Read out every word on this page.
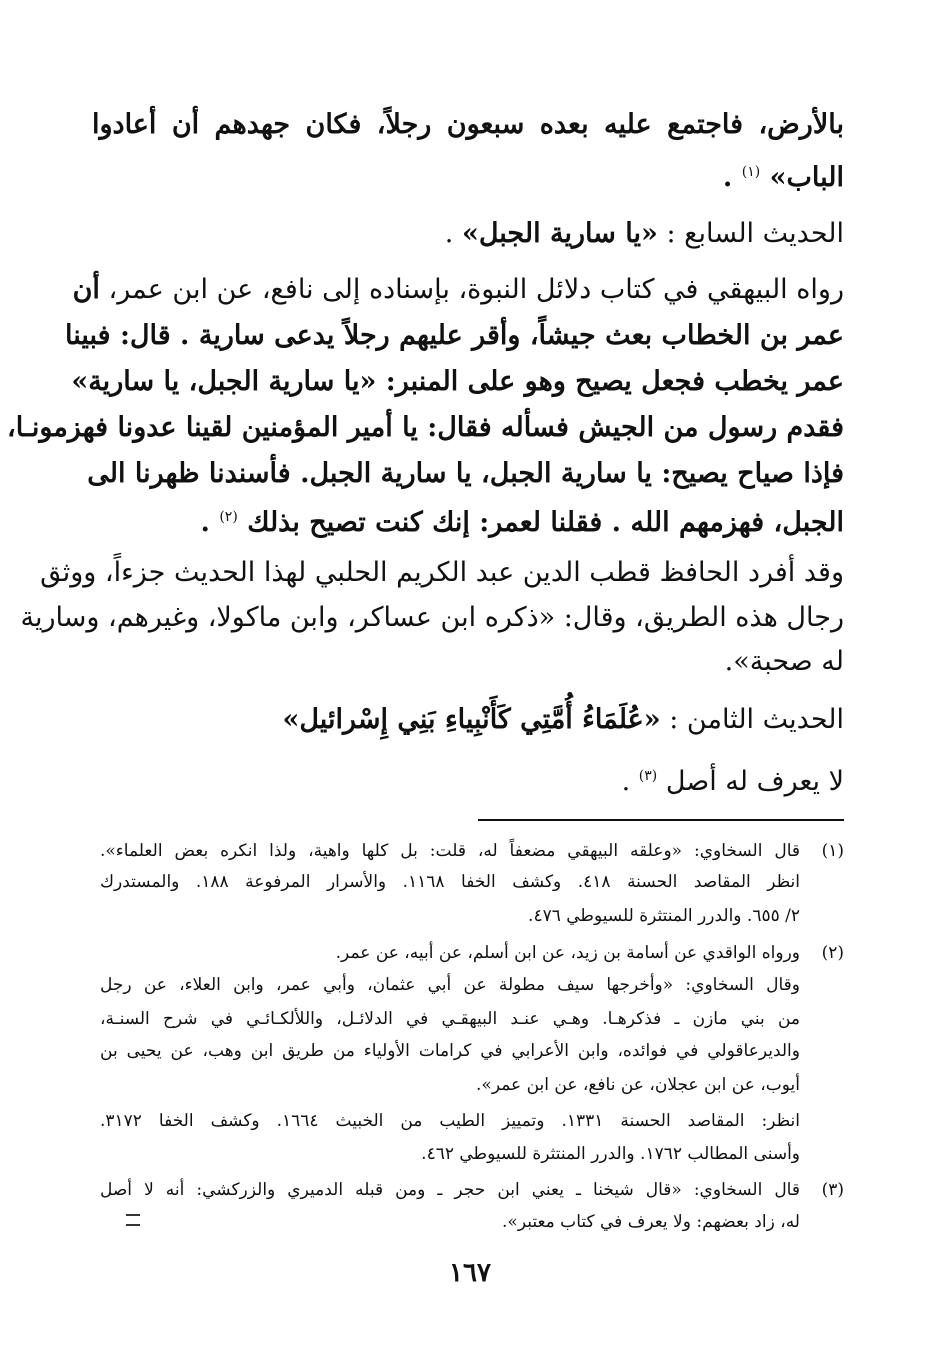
بالأرض، فاجتمع عليه بعده سبعون رجلاً، فكان جهدهم أن أعادوا
الباب» $^{(١)}$ .
الحديث السابع : «يا سارية الجبل» .
رواه البيهقي في كتاب دلائل النبوة، بإسناده إلى نافع، عن ابن عمر، أن
عمر بن الخطاب بعث جيشاً، وأقر عليهم رجلاً يدعى سارية . قال: فبينا
عمر يخطب فجعل يصيح وهو على المنبر: «يا سارية الجبل، يا سارية»
فقدم رسول من الجيش فسأله فقال: يا أمير المؤمنين لقينا عدونا فهزمونـا،
فإذا صياح يصيح: يا سارية الجبل، يا سارية الجبل. فأسندنا ظهرنا الى
الجبل، فهزمهم الله . فقلنا لعمر: إنك كنت تصيح بذلك $^{(٢)}$ .
وقد أفرد الحافظ قطب الدين عبد الكريم الحلبي لهذا الحديث جزءاً، ووثق
رجال هذه الطريق، وقال: «ذكره ابن عساكر، وابن ماكولا، وغيرهم، وسارية
له صحبة».
الحديث الثامن : «عُلَمَاءُ أُمَّتِي كَأَنْبِياءِ بَنِي إِسْرائيل»
لا يعرف له أصل $^{(٣)}$ .
(١)
قال السخاوي: «وعلقه البيهقي مضعفاً له، قلت: بل كلها واهية، ولذا انكره بعض العلماء».
انظر المقاصد الحسنة ٤١٨. وكشف الخفا ١١٦٨. والأسرار المرفوعة ١٨٨. والمستدرك
٢/ ٦٥٥. والدرر المنتثرة للسيوطي ٤٧٦.
(٢)
ورواه الواقدي عن أسامة بن زيد، عن ابن أسلم، عن أبيه، عن عمر.
وقال السخاوي: «وأخرجها سيف مطولة عن أبي عثمان، وأبي عمر، وابن العلاء، عن رجل
من بني مازن ـ فذكرهـا. وهـي عنـد البيهقـي في الدلائـل، واللألكـائـي في شرح السنـة،
والديرعاقولي في فوائده، وابن الأعرابي في كرامات الأولياء من طريق ابن وهب، عن يحيى بن
أيوب، عن ابن عجلان، عن نافع، عن ابن عمر».
انظر: المقاصد الحسنة ١٣٣١. وتمييز الطيب من الخبيث ١٦٦٤. وكشف الخفا ٣١٧٢.
وأسنى المطالب ١٧٦٢. والدرر المنتثرة للسيوطي ٤٦٢.
(٣)
قال السخاوي: «قال شيخنا ـ يعني ابن حجر ـ ومن قبله الدميري والزركشي: أنه لا أصل
له، زاد بعضهم: ولا يعرف في كتاب معتبر».
١٦٧
